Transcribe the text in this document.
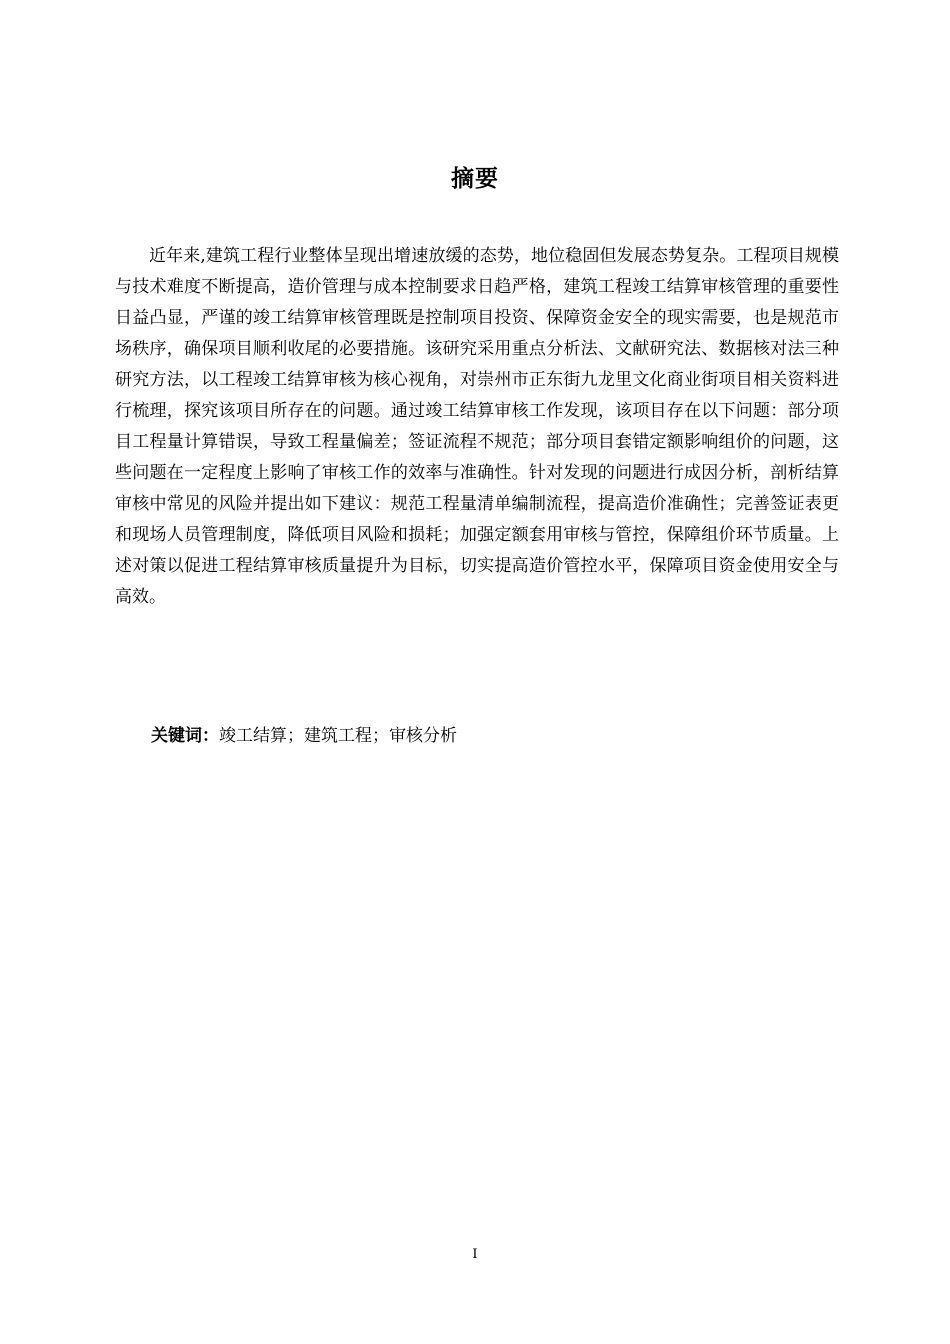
摘要

近年来,建筑工程行业整体呈现出增速放缓的态势，地位稳固但发展态势复杂。工程项目规模与技术难度不断提高，造价管理与成本控制要求日趋严格，建筑工程竣工结算审核管理的重要性日益凸显，严谨的竣工结算审核管理既是控制项目投资、保障资金安全的现实需要，也是规范市场秩序，确保项目顺利收尾的必要措施。该研究采用重点分析法、文献研究法、数据核对法三种研究方法，以工程竣工结算审核为核心视角，对崇州市正东街九龙里文化商业街项目相关资料进行梳理，探究该项目所存在的问题。通过竣工结算审核工作发现，该项目存在以下问题：部分项目工程量计算错误，导致工程量偏差；签证流程不规范；部分项目套错定额影响组价的问题，这些问题在一定程度上影响了审核工作的效率与准确性。针对发现的问题进行成因分析，剖析结算审核中常见的风险并提出如下建议：规范工程量清单编制流程，提高造价准确性；完善签证表更和现场人员管理制度，降低项目风险和损耗；加强定额套用审核与管控，保障组价环节质量。上述对策以促进工程结算审核质量提升为目标，切实提高造价管控水平，保障项目资金使用安全与高效。

关键词：竣工结算；建筑工程；审核分析
I
